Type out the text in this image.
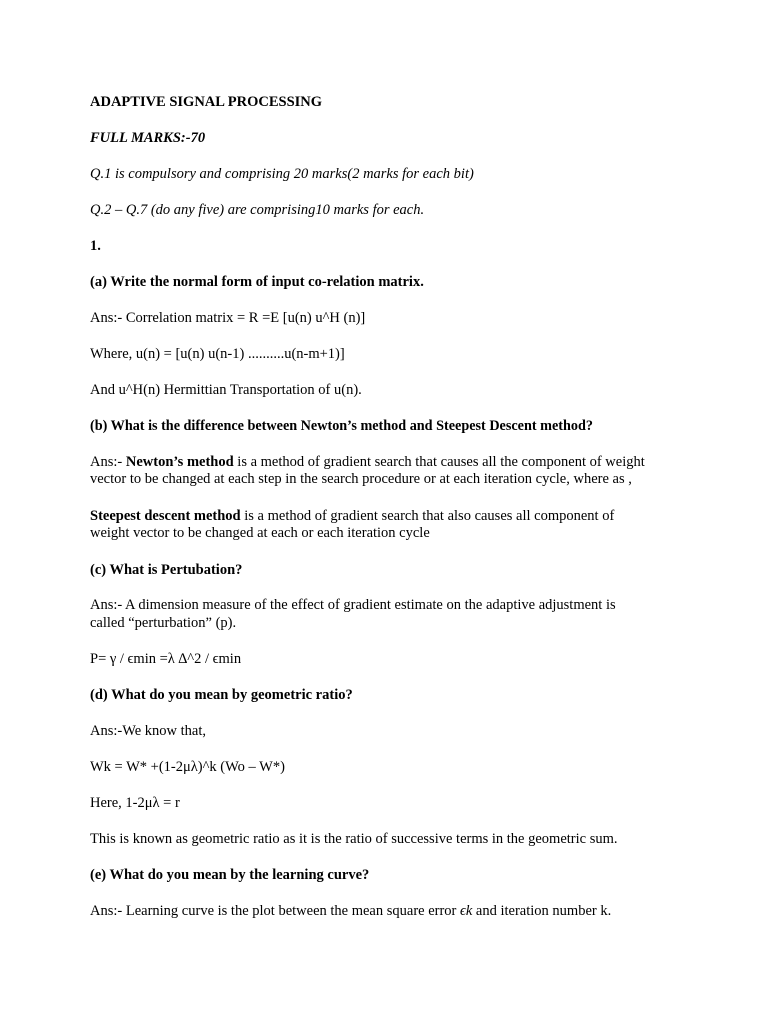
ADAPTIVE SIGNAL PROCESSING
FULL MARKS:-70
Q.1 is compulsory and comprising 20 marks(2 marks for each bit)
Q.2 – Q.7 (do any five) are comprising10 marks for each.
1.
(a) Write the normal form of input co-relation matrix.
Ans:- Correlation matrix = R =E [u(n) u^H (n)]
Where, u(n) = [u(n) u(n-1) ..........u(n-m+1)]
And u^H(n) Hermittian Transportation of u(n).
(b) What is the difference between Newton’s method and Steepest Descent method?
Ans:- Newton’s method is a method of gradient search that causes all the component of weight
vector to be changed at each step in the search procedure or at each iteration cycle, where as ,
Steepest descent method is a method of gradient search that also causes all component of
weight vector to be changed at each or each iteration cycle
(c) What is Pertubation?
Ans:- A dimension measure of the effect of gradient estimate on the adaptive adjustment is
called “perturbation” (p).
P= γ / ϵmin =λ ∆^2 / ϵmin
(d) What do you mean by geometric ratio?
Ans:-We know that,
Wk = W* +(1-2μλ)^k (Wo – W*)
Here, 1-2μλ = r
This is known as geometric ratio as it is the ratio of successive terms in the geometric sum.
(e) What do you mean by the learning curve?
Ans:- Learning curve is the plot between the mean square error ϵk and iteration number k.
